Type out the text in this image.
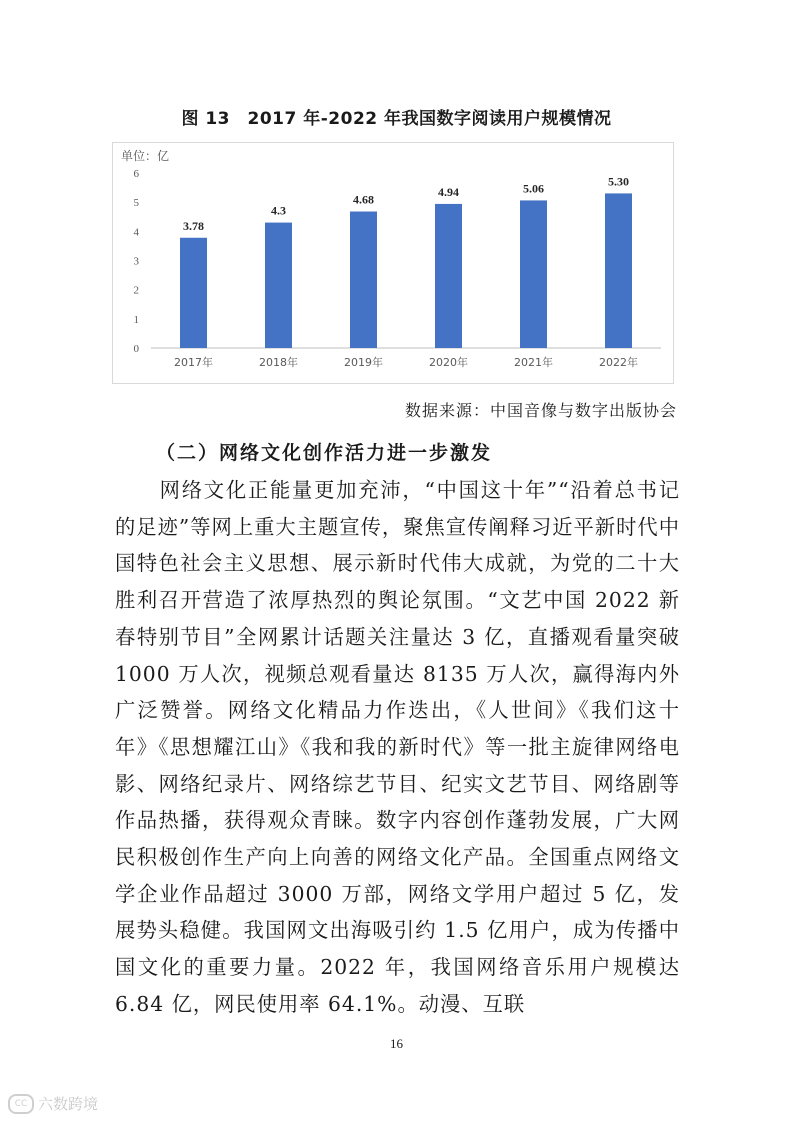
图 13　2017 年-2022 年我国数字阅读用户规模情况
单位：亿
0
1
2
3
4
5
6
3.78
2017年
4.3
2018年
4.68
2019年
4.94
2020年
5.06
2021年
5.30
2022年
数据来源：中国音像与数字出版协会
（二）网络文化创作活力进一步激发

网络文化正能量更加充沛，“中国这十年”“沿着总书记的足迹”等网上重大主题宣传，聚焦宣传阐释习近平新时代中国特色社会主义思想、展示新时代伟大成就，为党的二十大胜利召开营造了浓厚热烈的舆论氛围。“文艺中国 2022 新春特别节目”全网累计话题关注量达 3 亿，直播观看量突破 1000 万人次，视频总观看量达 8135 万人次，赢得海内外广泛赞誉。网络文化精品力作迭出，《人世间》《我们这十年》《思想耀江山》《我和我的新时代》等一批主旋律网络电影、网络纪录片、网络综艺节目、纪实文艺节目、网络剧等作品热播，获得观众青睐。数字内容创作蓬勃发展，广大网民积极创作生产向上向善的网络文化产品。全国重点网络文学企业作品超过 3000 万部，网络文学用户超过 5 亿，发展势头稳健。我国网文出海吸引约 1.5 亿用户，成为传播中国文化的重要力量。2022 年，我国网络音乐用户规模达 6.84 亿，网民使用率 64.1%。动漫、互联

16
CC 六数跨境
